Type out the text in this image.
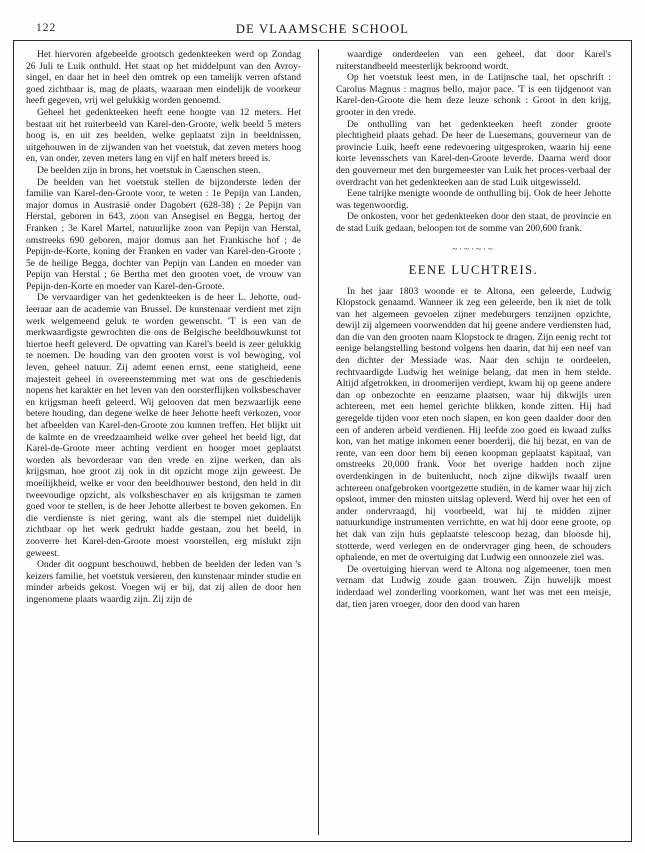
122	DE VLAAMSCHE SCHOOL

Het hiervoren afgebeelde grootsch gedenkteeken werd op Zondag 26 Juli te Luik onthuld. Het staat op het middelpunt van den Avroy-singel, en daar het in heel den omtrek op een tamelijk verren afstand goed zichtbaar is, mag de plaats, waaraan men eindelijk de voorkeur heeft gegeven, vrij wel gelukkig worden genoemd.

Geheel het gedenkteeken heeft eene hoogte van 12 meters. Het bestaat uit het ruiterbeeld van Karel-den-Groote, welk beeld 5 meters hoog is, en uit zes beelden, welke geplaatst zijn in beeldnissen, uitgehouwen in de zijwanden van het voetstuk, dat zeven meters hoog en, van onder, zeven meters lang en vijf en half meters breed is.

De beelden zijn in brons, het voetstuk in Caenschen steen.

De beelden van het voetstuk stellen de bijzonderste leden der familie van Karel-den-Groote voor, te weten : 1e Pepijn van Landen, major domus in Austrasië onder Dagobert (628-38) ; 2e Pepijn van Herstal, geboren in 643, zoon van Ansegisel en Begga, hertog der Franken ; 3e Karel Martel, natuurlijke zoon van Pepijn van Herstal, omstreeks 690 geboren, major domus aan het Frankische hof ; 4e Pepijn-de-Korte, koning der Franken en vader van Karel-den-Groote ; 5e de heilige Begga, dochter van Pepijn van Landen en moeder van Pepijn van Herstal ; 6e Bertha met den grooten voet, de vrouw van Pepijn-den-Korte en moeder van Karel-den-Groote.

De vervaardiger van het gedenkteeken is de heer L. Jehotte, oud-leeraar aan de academie van Brussel. De kunstenaar verdient met zijn werk welgemeend geluk te worden gewenscht. 'T is een van de merkwaardigste gewrochten die ons de Belgische beeldhouwkunst tot hiertoe heeft geleverd. De opvatting van Karel's beeld is zeer gelukkig te noemen. De houding van den grooten vorst is vol bewoging, vol leven, geheel natuur. Zij ademt eenen ernst, eene statigheid, eene majesteit geheel in overeenstemming met wat ons de geschiedenis nopens het karakter en het leven van den oorsterflijken volksbeschaver en krijgsman heeft geleerd. Wij gelooven dat men bezwaarlijk eene betere houding, dan degene welke de heer Jehotte heeft verkozen, voor het afbeelden van Karel-den-Groote zou kunnen treffen. Het blijkt uit de kalmte en de vreedzaamheid welke over geheel het beeld ligt, dat Karel-de-Groote meer achting verdient en hooger moet geplaatst worden als bevorderaar van den vrede en zijne werken, dan als krijgsman, hoe groot zij ook in dit opzicht moge zijn geweest. De moeilijkheid, welke er voor den beeldhouwer bestond, den held in dit tweevoudige opzicht, als volksbeschaver en als krijgsman te zamen goed voor te stellen, is de heer Jehotte allerbest te boven gekomen. En die verdienste is niet gering, want als die stempel niet duidelijk zichtbaar op het werk gedrukt hadde gestaan, zou het beeld, in zooverre het Karel-den-Groote moest voorstellen, erg mislukt zijn geweest.

Onder dit oogpunt beschouwd, hebben de beelden der leden van 's keizers familie, het voetstuk versieren, den kunstenaar minder studie en minder arbeids gekost. Voegen wij er bij, dat zij allen de door hen ingenomene plaats waardig zijn. Zij zijn de

waardige onderdeelen van een geheel, dat door Karel's ruiterstandbeeld meesterlijk bekroond wordt.

Op het voetstuk leest men, in de Latijnsche taal, het opschrift : Carolus Magnus : magnus bello, major pace. 'T is een tijdgenoot van Karel-den-Groote die hem deze leuze schonk : Groot in den krijg, grooter in den vrede.

De onthulling van het gedenkteeken heeft zonder groote plechtigheid plaats gehad. De heer de Luesemans, gouverneur van de provincie Luik, heeft eene redevoering uitgesproken, waarin hij eene korte levensschets van Karel-den-Groote leverde. Daarna werd door den gouverneur met den burgemeester van Luik het proces-verbaal der overdracht van het gedenkteeken aan de stad Luik uitgewisseld.

Eene talrijke menigte woonde de onthulling bij. Ook de heer Jehotte was tegenwoordig.

De onkosten, voor het gedenkteeken door den staat, de provincie en de stad Luik gedaan, beloopen tot de somme van 200,600 frank.

~·~·~·~
EENE LUCHTREIS.

In het jaar 1803 woonde er te Altona, een geleerde, Ludwig Klopstock genaamd. Wanneer ik zeg een geleerde, ben ik niet de tolk van het algemeen gevoelen zijner medeburgers tenzijnen opzichte, dewijl zij algemeen voorwendden dat hij geene andere verdiensten had, dan die van den grooten naam Klopstock te dragen. Zijn eenig recht tot eenige belangstelling bestond volgens hen daarin, dat hij een neef van den dichter der Messiade was. Naar den schijn te oordeelen, rechtvaardigde Ludwig het weinige belang, dat men in hem stelde. Altijd afgetrokken, in droomerijen verdiept, kwam hij op geene andere dan op onbezochte en eenzame plaatsen, waar hij dikwijls uren achtereen, met een hemel gerichte blikken, konde zitten. Hij had geregelde tijden voor eten noch slapen, en kon geen daalder door den een of anderen arbeid verdienen. Hij leefde zoo goed en kwaad zulks kon, van het matige inkomen eener boerderij, die hij bezat, en van de rente, van een door hem bij eenen koopman geplaatst kapitaal, van omstreeks 20,000 frank. Voor het overige hadden noch zijne overdenkingen in de buitenlucht, noch zijne dikwijls twaalf uren achtereen onafgebroken voortgezette studiën, in de kamer waar hij zich opsloot, immer den minsten uitslag opleverd. Werd hij over het een of ander ondervraagd, hij voorbeeld, wat hij te midden zijner natuurkundige instrumenten verrichtte, en wat hij door eene groote, op het dak van zijn huis geplaatste telescoop bezag, dan bloosde hij, stotterde, werd verlegen en de ondervrager ging heen, de schouders ophalende, en met de overtuiging dat Ludwig een onnoozele ziel was.

De overtuiging hiervan werd te Altona nog algemeener, toen men vernam dat Ludwig zoude gaan trouwen. Zijn huwelijk moest inderdaad wel zonderling voorkomen, want het was met een meisje, dat, tien jaren vroeger, door den dood van haren
